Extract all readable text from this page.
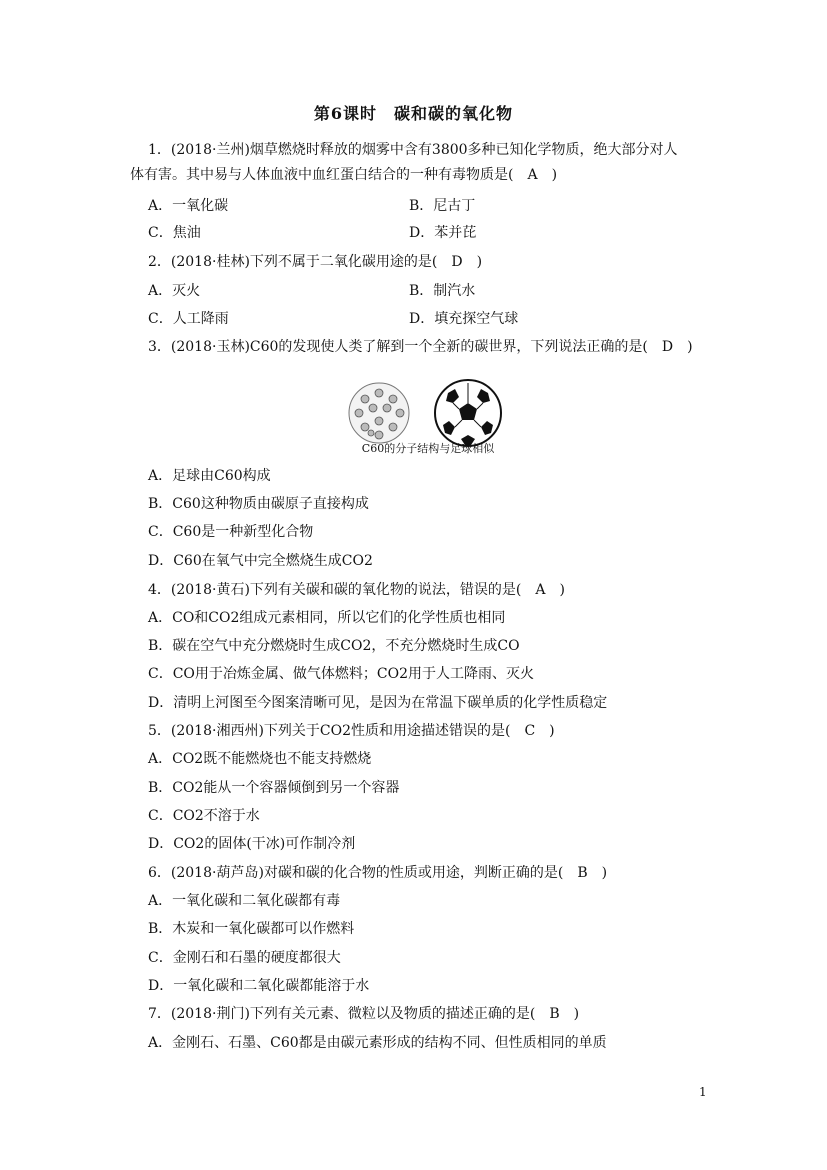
第6课时　碳和碳的氧化物
1．(2018·兰州)烟草燃烧时释放的烟雾中含有3800多种已知化学物质，绝大部分对人
体有害。其中易与人体血液中血红蛋白结合的一种有毒物质是(　A　)
A．一氧化碳	B．尼古丁
C．焦油	D．苯并芘
2．(2018·桂林)下列不属于二氧化碳用途的是(　D　)
A．灭火	B．制汽水
C．人工降雨	D．填充探空气球
3．(2018·玉林)C60的发现使人类了解到一个全新的碳世界，下列说法正确的是(　D　)
C60的分子结构与足球相似
A．足球由C60构成
B．C60这种物质由碳原子直接构成
C．C60是一种新型化合物
D．C60在氧气中完全燃烧生成CO2
4．(2018·黄石)下列有关碳和碳的氧化物的说法，错误的是(　A　)
A．CO和CO2组成元素相同，所以它们的化学性质也相同
B．碳在空气中充分燃烧时生成CO2，不充分燃烧时生成CO
C．CO用于冶炼金属、做气体燃料；CO2用于人工降雨、灭火
D．清明上河图至今图案清晰可见，是因为在常温下碳单质的化学性质稳定
5．(2018·湘西州)下列关于CO2性质和用途描述错误的是(　C　)
A．CO2既不能燃烧也不能支持燃烧
B．CO2能从一个容器倾倒到另一个容器
C．CO2不溶于水
D．CO2的固体(干冰)可作制冷剂
6．(2018·葫芦岛)对碳和碳的化合物的性质或用途，判断正确的是(　B　)
A．一氧化碳和二氧化碳都有毒
B．木炭和一氧化碳都可以作燃料
C．金刚石和石墨的硬度都很大
D．一氧化碳和二氧化碳都能溶于水
7．(2018·荆门)下列有关元素、微粒以及物质的描述正确的是(　B　)
A．金刚石、石墨、C60都是由碳元素形成的结构不同、但性质相同的单质
1
